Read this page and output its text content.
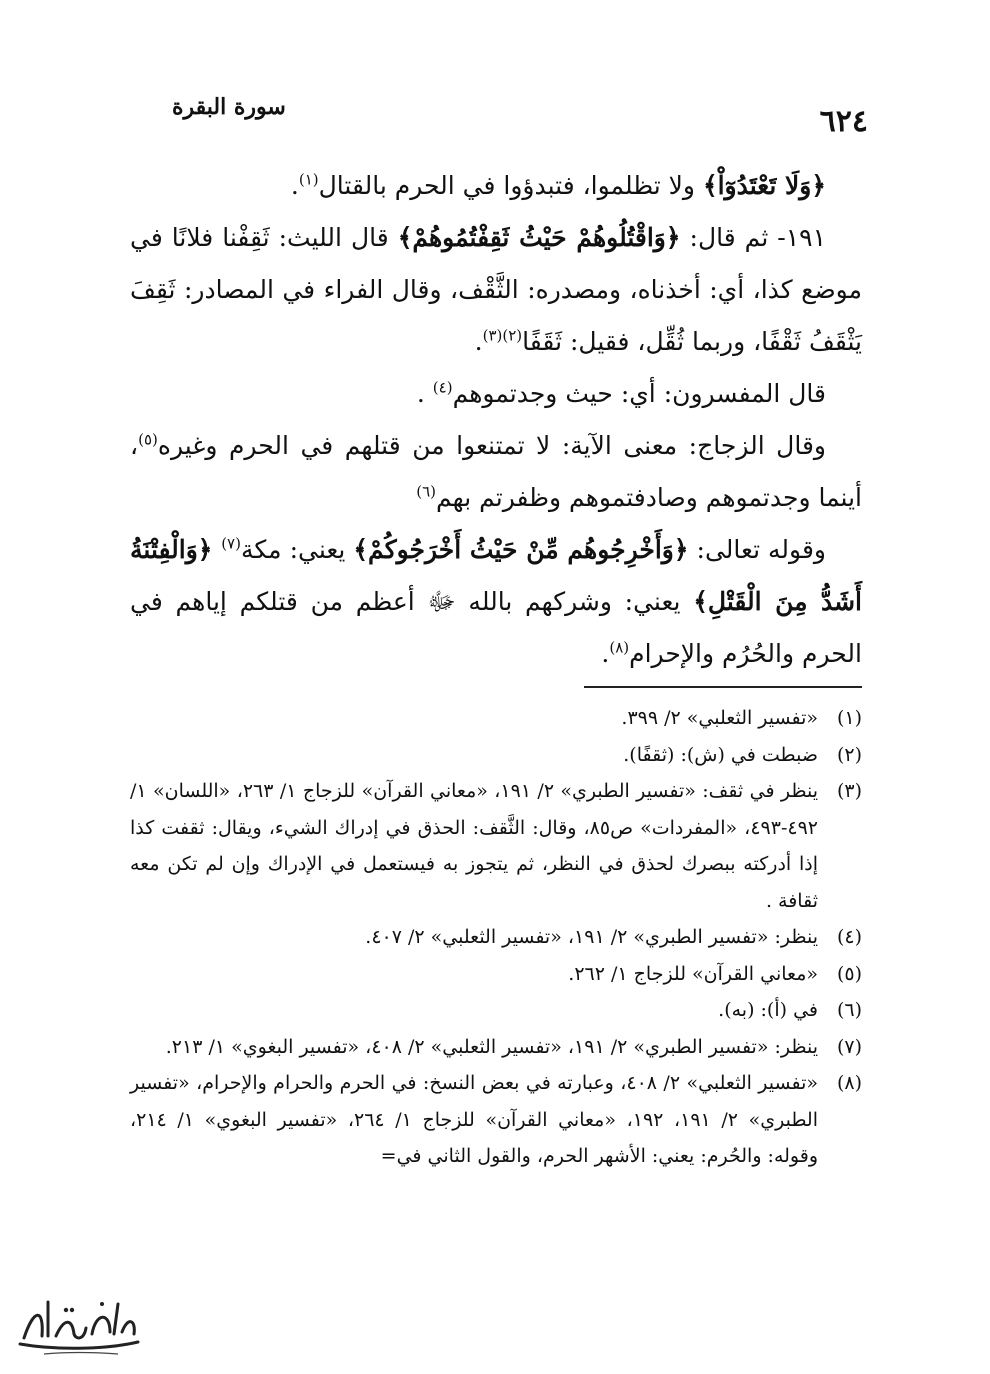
٦٢٤
سورة البقرة

﴿وَلَا تَعْتَدُوٓاْ﴾ ولا تظلموا، فتبدؤوا في الحرم بالقتال$^{(١)}$.

١٩١- ثم قال: ﴿وَاقْتُلُوهُمْ حَيْثُ ثَقِفْتُمُوهُمْ﴾ قال الليث: ثَقِفْنا فلانًا في موضع كذا، أي: أخذناه، ومصدره: الثَّقْف، وقال الفراء في المصادر: ثَقِفَ يَثْقَفُ ثَقْفًا، وربما ثُقِّل، فقيل: ثَقَفًا$^{(٢)(٣)}$.

قال المفسرون: أي: حيث وجدتموهم$^{(٤)}$ .

وقال الزجاج: معنى الآية: لا تمتنعوا من قتلهم في الحرم وغيره$^{(٥)}$، أينما وجدتموهم وصادفتموهم وظفرتم بهم$^{(٦)}$

وقوله تعالى: ﴿وَأَخْرِجُوهُم مِّنْ حَيْثُ أَخْرَجُوكُمْ﴾ يعني: مكة$^{(٧)}$ ﴿وَالْفِتْنَةُ أَشَدُّ مِنَ الْقَتْلِ﴾ يعني: وشركهم بالله ﷻ أعظم من قتلكم إياهم في الحرم والحُرُم والإحرام$^{(٨)}$.

(١)
«تفسير الثعلبي» ٢/ ٣٩٩.
(٢)
ضبطت في (ش): (ثقفًا).
(٣)
ينظر في ثقف: «تفسير الطبري» ٢/ ١٩١، «معاني القرآن» للزجاج ١/ ٢٦٣، «اللسان» ١/ ٤٩٢-٤٩٣، «المفردات» ص٨٥، وقال: الثَّقف: الحذق في إدراك الشيء، ويقال: ثقفت كذا إذا أدركته ببصرك لحذق في النظر، ثم يتجوز به فيستعمل في الإدراك وإن لم تكن معه ثقافة .
(٤)
ينظر: «تفسير الطبري» ٢/ ١٩١، «تفسير الثعلبي» ٢/ ٤٠٧.
(٥)
«معاني القرآن» للزجاج ١/ ٢٦٢.
(٦)
في (أ): (به).
(٧)
ينظر: «تفسير الطبري» ٢/ ١٩١، «تفسير الثعلبي» ٢/ ٤٠٨، «تفسير البغوي» ١/ ٢١٣.
(٨)
«تفسير الثعلبي» ٢/ ٤٠٨، وعبارته في بعض النسخ: في الحرم والحرام والإحرام، «تفسير الطبري» ٢/ ١٩١، ١٩٢، «معاني القرآن» للزجاج ١/ ٢٦٤، «تفسير البغوي» ١/ ٢١٤، وقوله: والحُرم: يعني: الأشهر الحرم، والقول الثاني في=
